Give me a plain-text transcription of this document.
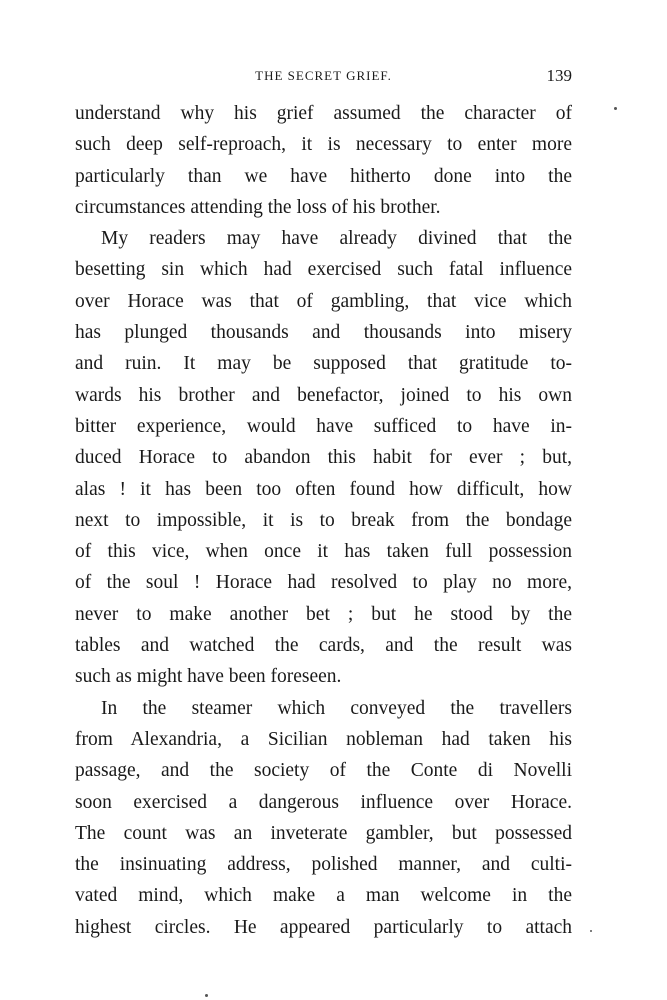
THE SECRET GRIEF.	139
understand why his grief assumed the character of
such deep self-reproach, it is necessary to enter more
particularly than we have hitherto done into the
circumstances attending the loss of his brother.
My readers may have already divined that the
besetting sin which had exercised such fatal influence
over Horace was that of gambling, that vice which
has plunged thousands and thousands into misery
and ruin. It may be supposed that gratitude to-
wards his brother and benefactor, joined to his own
bitter experience, would have sufficed to have in-
duced Horace to abandon this habit for ever ; but,
alas ! it has been too often found how difficult, how
next to impossible, it is to break from the bondage
of this vice, when once it has taken full possession
of the soul ! Horace had resolved to play no more,
never to make another bet ; but he stood by the
tables and watched the cards, and the result was
such as might have been foreseen.
In the steamer which conveyed the travellers
from Alexandria, a Sicilian nobleman had taken his
passage, and the society of the Conte di Novelli
soon exercised a dangerous influence over Horace.
The count was an inveterate gambler, but possessed
the insinuating address, polished manner, and culti-
vated mind, which make a man welcome in the
highest circles. He appeared particularly to attach
